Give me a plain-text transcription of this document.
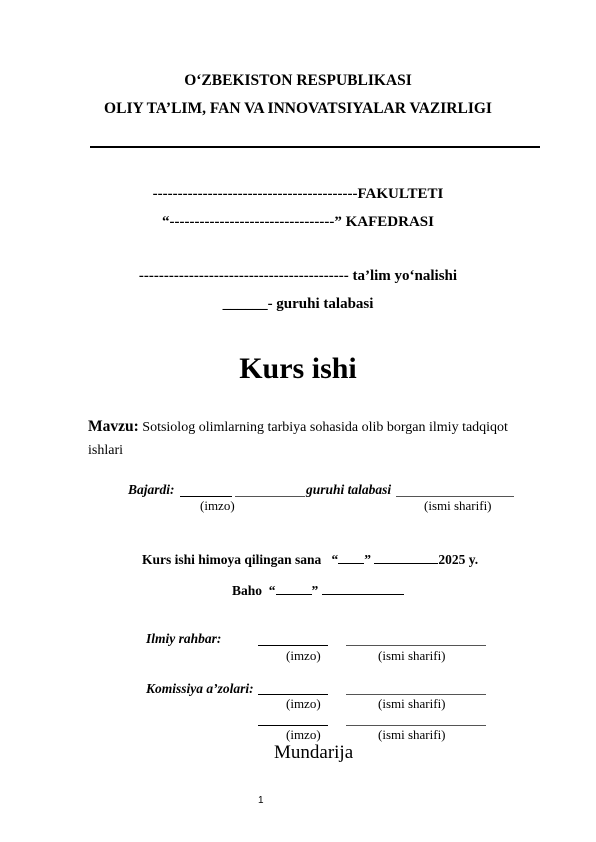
O‘ZBEKISTON RESPUBLIKASI
OLIY TA’LIM, FAN VA INNOVATSIYALAR VAZIRLIGI
-----------------------------------------FAKULTETI
“---------------------------------” KAFEDRASI
------------------------------------------ ta’lim yo‘nalishi
______- guruhi talabasi
Kurs ishi
Mavzu: Sotsiolog olimlarning tarbiya sohasida olib borgan ilmiy tadqiqot
ishlari
Bajardi:	guruhi talabasi
(imzo)	(ismi sharifi)
Kurs ishi himoya qilingan sana “ ”	2025 y.
Baho “	”
Ilmiy rahbar:
(imzo)	(ismi sharifi)
Komissiya a’zolari:
(imzo)	(ismi sharifi)
(imzo)	(ismi sharifi)
Mundarija
1
